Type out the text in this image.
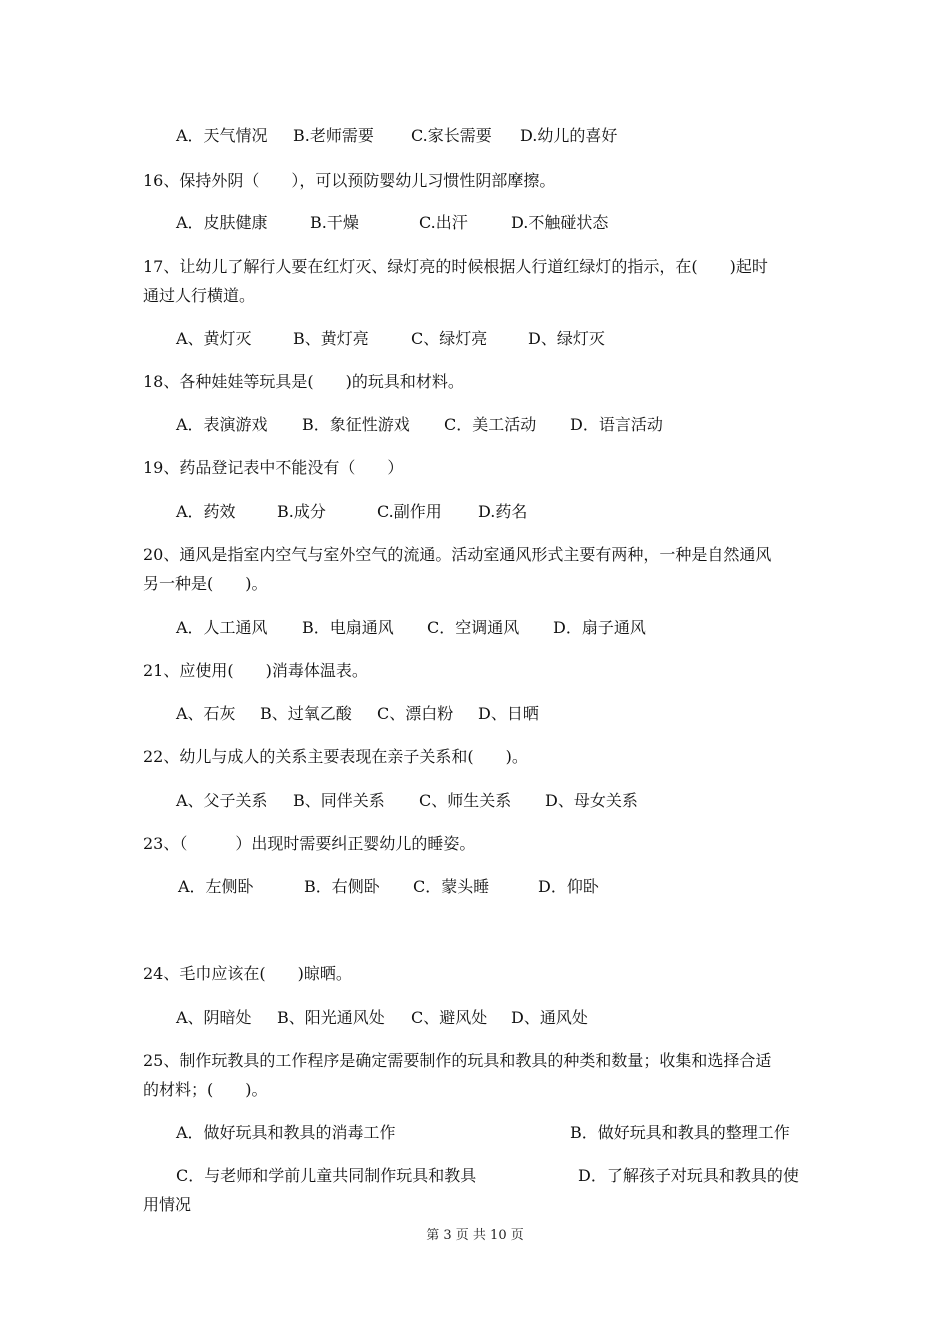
A．天气情况 B.老师需要 C.家长需要 D.幼儿的喜好
16、保持外阴（　　），可以预防婴幼儿习惯性阴部摩擦。
A．皮肤健康	B.干燥	C.出汗	D.不触碰状态
17、让幼儿了解行人要在红灯灭、绿灯亮的时候根据人行道红绿灯的指示，在(　　)起时
通过人行横道。
A、黄灯灭	B、黄灯亮	C、绿灯亮	D、绿灯灭
18、各种娃娃等玩具是(　　)的玩具和材料。
A．表演游戏 B．象征性游戏 C．美工活动 D．语言活动
19、药品登记表中不能没有（　　）
A．药效	B.成分	C.副作用 D.药名
20、通风是指室内空气与室外空气的流通。活动室通风形式主要有两种，一种是自然通风
另一种是(　　)。
A．人工通风 B．电扇通风 C．空调通风 D．扇子通风
21、应使用(　　)消毒体温表。
A、石灰 B、过氧乙酸 C、漂白粉 D、日晒
22、幼儿与成人的关系主要表现在亲子关系和(　　)。
A、父子关系 B、同伴关系 C、师生关系 D、母女关系
23、（　　　）出现时需要纠正婴幼儿的睡姿。
A．左侧卧	B．右侧卧 C．蒙头睡	D．仰卧
24、毛巾应该在(　　)晾晒。
A、阴暗处 B、阳光通风处 C、避风处 D、通风处
25、制作玩教具的工作程序是确定需要制作的玩具和教具的种类和数量；收集和选择合适
的材料；(　　)。
A．做好玩具和教具的消毒工作	B．做好玩具和教具的整理工作
C．与老师和学前儿童共同制作玩具和教具	D．了解孩子对玩具和教具的使
用情况
第 3 页 共 10 页
